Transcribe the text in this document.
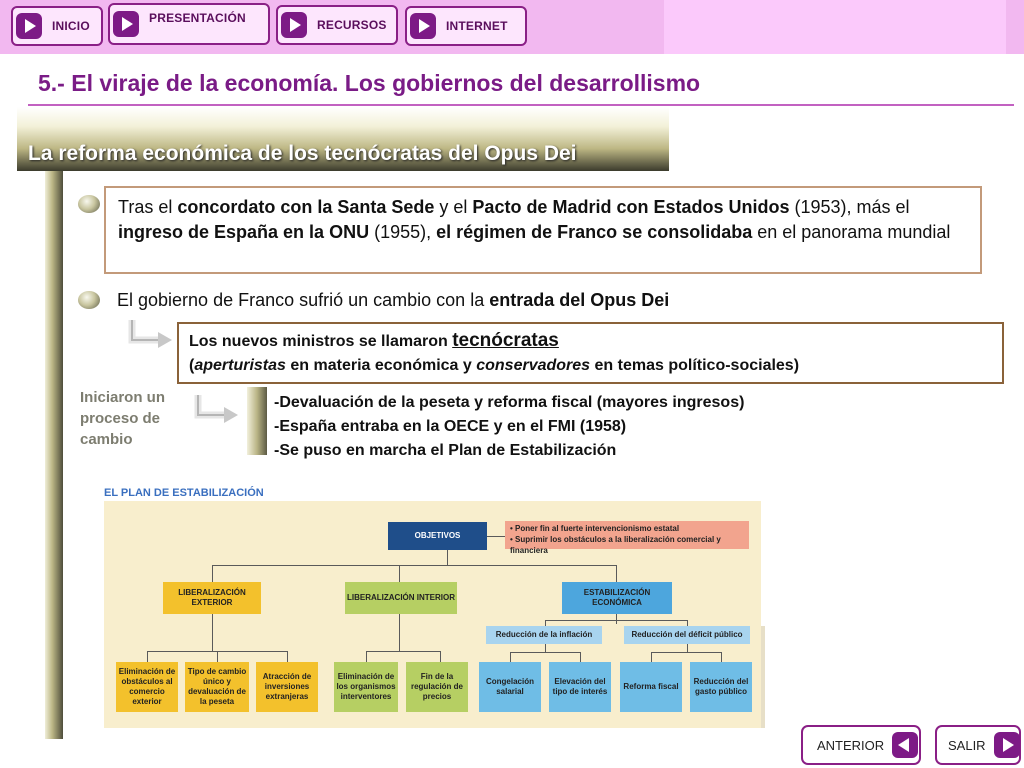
INICIO
PRESENTACIÓN	RECURSOS	INTERNET
5.- El viraje de la economía. Los gobiernos del desarrollismo
La reforma económica de los tecnócratas del Opus Dei
Tras el concordato con la Santa Sede y el Pacto de Madrid con Estados Unidos (1953), más el ingreso de España en la ONU (1955), el régimen de Franco se consolidaba en el panorama mundial
El gobierno de Franco sufrió un cambio con la entrada del Opus Dei
Los nuevos ministros se llamaron tecnócratas
(aperturistas en materia económica y conservadores en temas político-sociales)
Iniciaron un proceso de cambio
-Devaluación de la peseta y reforma fiscal (mayores ingresos)
-España entraba en la OECE y en el FMI (1958)
-Se puso en marcha el Plan de Estabilización
EL PLAN DE ESTABILIZACIÓN
OBJETIVOS
• Poner fin al fuerte intervencionismo estatal
• Suprimir los obstáculos a la liberalización comercial y financiera
LIBERALIZACIÓN EXTERIOR
LIBERALIZACIÓN INTERIOR
ESTABILIZACIÓN ECONÓMICA
Reducción de la inflación	Reducción del déficit público
Eliminación de obstáculos al comercio exterior
Tipo de cambio único y devaluación de la peseta
Atracción de inversiones extranjeras
Eliminación de los organismos interventores
Fin de la regulación de precios
Congelación salarial
Elevación del tipo de interés
Reforma fiscal
Reducción del gasto público
ANTERIOR	SALIR
